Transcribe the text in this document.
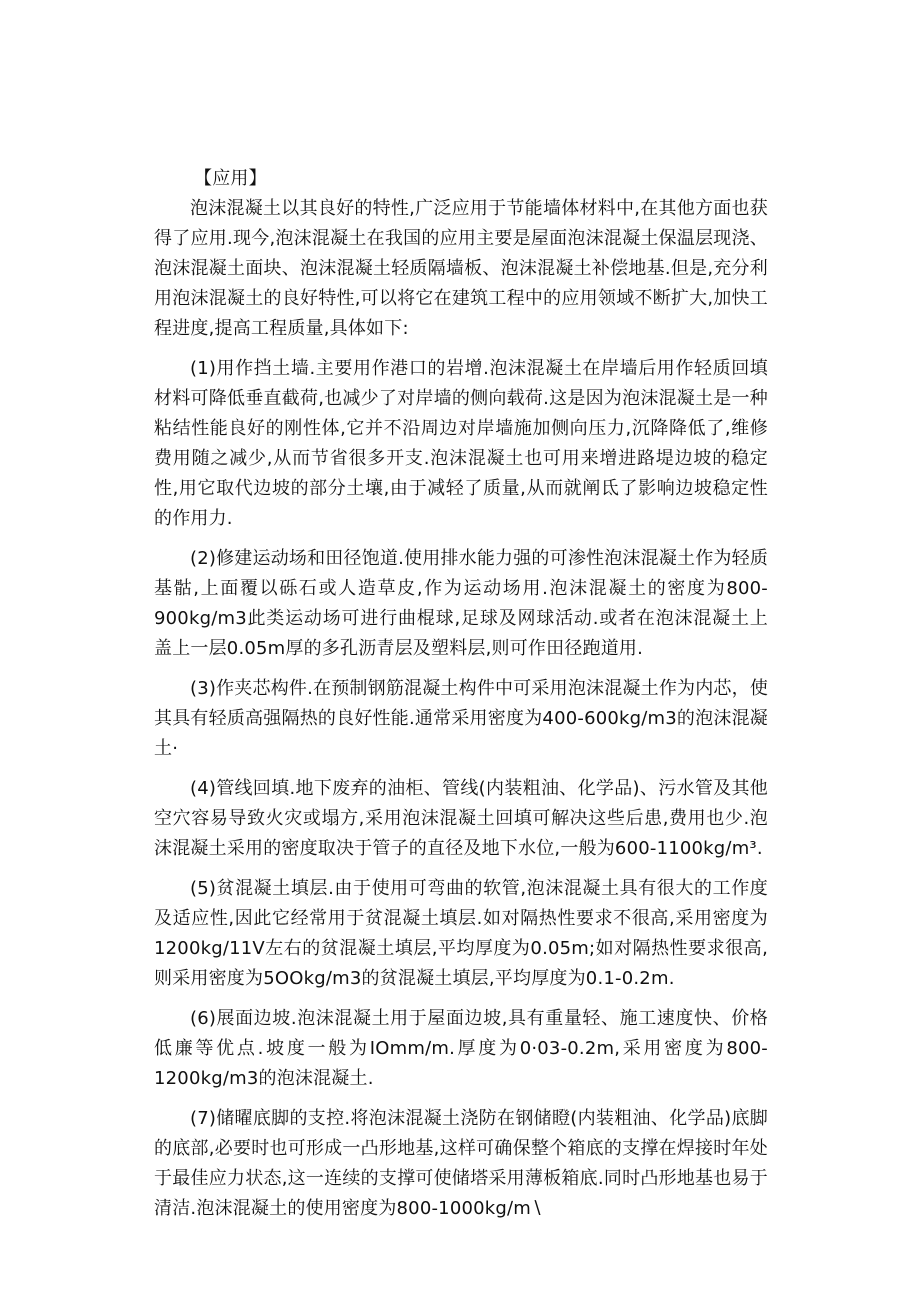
【应用】

泡沫混凝土以其良好的特性,广泛应用于节能墙体材料中,在其他方面也获得了应用.现今,泡沫混凝土在我国的应用主要是屋面泡沫混凝土保温层现浇、泡沫混凝土面块、泡沫混凝土轻质隔墙板、泡沫混凝土补偿地基.但是,充分利用泡沫混凝土的良好特性,可以将它在建筑工程中的应用领域不断扩大,加快工程进度,提高工程质量,具体如下:

(1)用作挡土墙.主要用作港口的岩增.泡沫混凝土在岸墙后用作轻质回填材料可降低垂直截荷,也减少了对岸墙的侧向载荷.这是因为泡沫混凝土是一种粘结性能良好的刚性体,它并不沿周边对岸墙施加侧向压力,沉降降低了,维修费用随之减少,从而节省很多开支.泡沫混凝土也可用来增进路堤边坡的稳定性,用它取代边坡的部分土壤,由于减轻了质量,从而就阐氐了影响边坡稳定性的作用力.

(2)修建运动场和田径饱道.使用排水能力强的可渗性泡沫混凝土作为轻质基骷,上面覆以砾石或人造草皮,作为运动场用.泡沫混凝土的密度为800-900kg∕m3此类运动场可进行曲棍球,足球及网球活动.或者在泡沫混凝土上盖上一层0.05m厚的多孔沥青层及塑料层,则可作田径跑道用.

(3)作夹芯构件.在预制钢筋混凝土构件中可采用泡沫混凝土作为内芯，使其具有轻质高强隔热的良好性能.通常采用密度为400-600kg∕m3的泡沫混凝土·

(4)管线回填.地下废弃的油柜、管线(内装粗油、化学品)、污水管及其他空穴容易导致火灾或塌方,采用泡沫混凝土回填可解决这些后患,费用也少.泡沫混凝土采用的密度取决于管子的直径及地下水位,一般为600-1100kg∕m³.

(5)贫混凝土填层.由于使用可弯曲的软管,泡沫混凝土具有很大的工作度及适应性,因此它经常用于贫混凝土填层.如对隔热性要求不很高,采用密度为1200kg∕11V左右的贫混凝土填层,平均厚度为0.05m;如对隔热性要求很高,则采用密度为5OOkg∕m3的贫混凝土填层,平均厚度为0.1-0.2m.

(6)展面边坡.泡沫混凝土用于屋面边坡,具有重量轻、施工速度快、价格低廉等优点.坡度一般为IOmm∕m.厚度为0·03-0.2m,采用密度为800-1200kg∕m3的泡沫混凝土.

(7)储曜底脚的支控.将泡沫混凝土浇防在钢储瞪(内装粗油、化学品)底脚的底部,必要时也可形成一凸形地基,这样可确保整个箱底的支撑在焊接时年处于最佳应力状态,这一连续的支撑可使储塔采用薄板箱底.同时凸形地基也易于清洁.泡沫混凝土的使用密度为800-1000kg∕m∖
